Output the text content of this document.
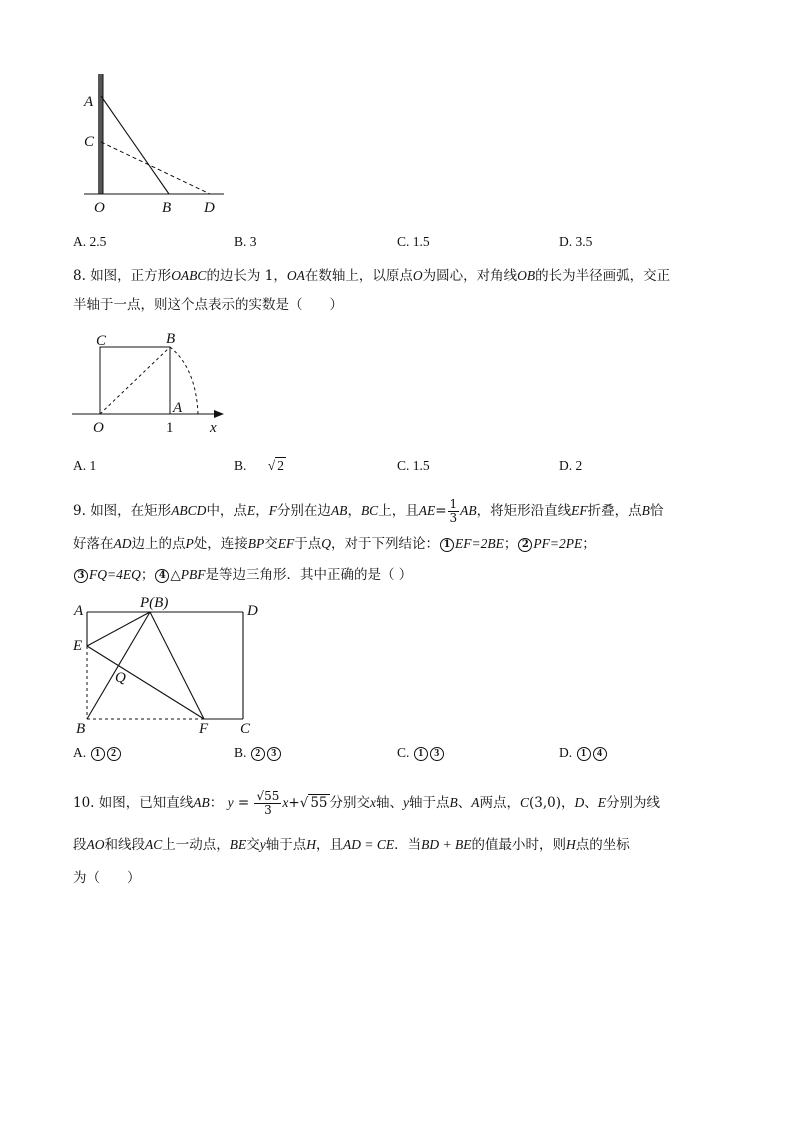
A
C
O	B D
A. 2.5	B. 3	C. 1.5	D. 3.5
8. 如图，正方形OABC的边长为 1，OA在数轴上，以原点O为圆心，对角线OB的长为半径画弧，交正
半轴于一点，则这个点表示的实数是（　　）
C	B
A
O	1 x
A. 1	B. √ 2	C. 1.5	D. 2
9. 如图，在矩形ABCD中，点E，F分别在边AB，BC上，且$AE= \frac{1}{3}$ AB，将矩形沿直线EF折叠，点B恰
好落在AD边上的点P处，连接BP交EF于点Q，对于下列结论： 1 EF=2BE； 2 PF=2PE；
3 FQ=4EQ； 4 △PBF是等边三角形．其中正确的是（ ）
A	P(B)	D
E
Q
B	F C
A. 1 2	B. 2 3	C. 1 3	D. 1 4
10. 如图，已知直线AB： $y = \frac{√55}{3} x+√$ 55 分别交x轴、y轴于点B、A两点，C(3,0)，D、E分别为线
段AO和线段AC上一动点，BE交y轴于点H，且AD = CE．当BD + BE的值最小时，则H点的坐标
为（　　）
